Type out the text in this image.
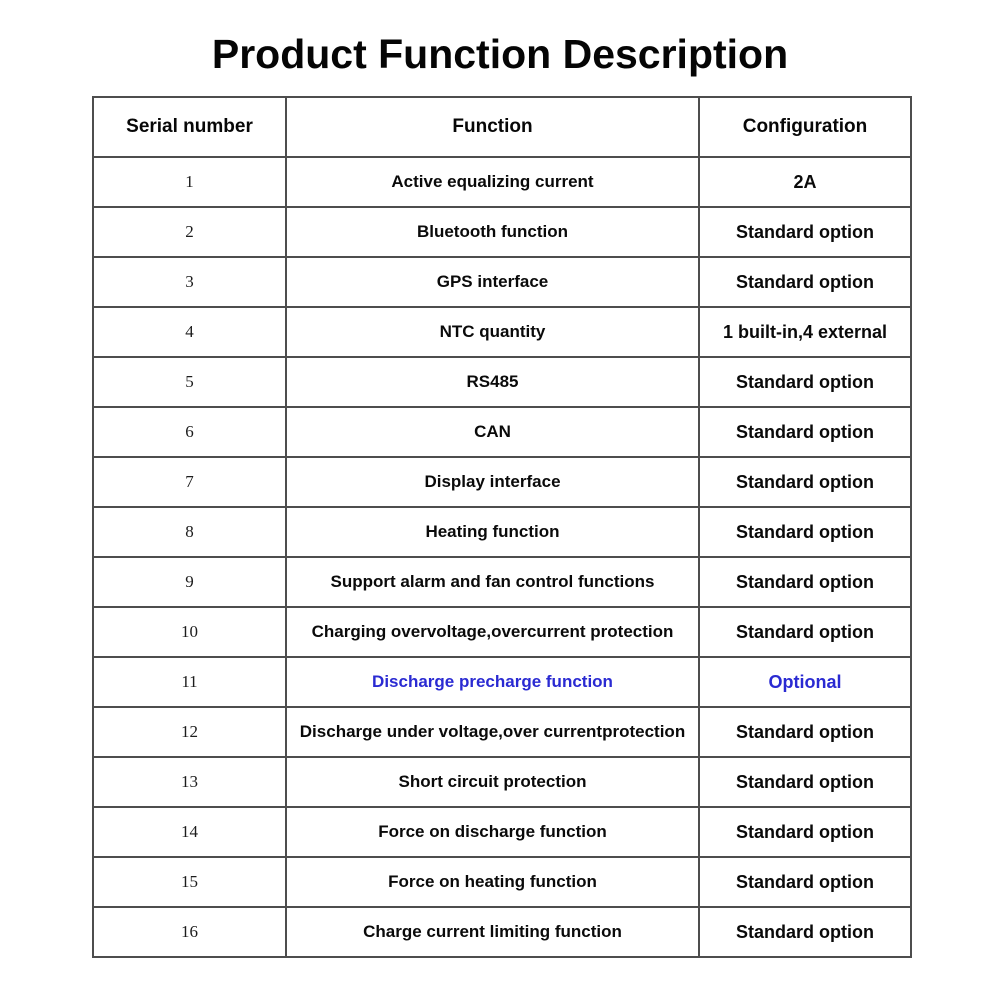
Product Function Description
Serial number	Function	Configuration
1	Active equalizing current	2A
2	Bluetooth function	Standard option
3	GPS interface	Standard option
4	NTC quantity	1 built-in,4 external
5	RS485	Standard option
6	CAN	Standard option
7	Display interface	Standard option
8	Heating function	Standard option
9	Support alarm and fan control functions	Standard option
10	Charging overvoltage,overcurrent protection	Standard option
11	Discharge precharge function	Optional
12	Discharge under voltage,over currentprotection	Standard option
13	Short circuit protection	Standard option
14	Force on discharge function	Standard option
15	Force on heating function	Standard option
16	Charge current limiting function	Standard option
